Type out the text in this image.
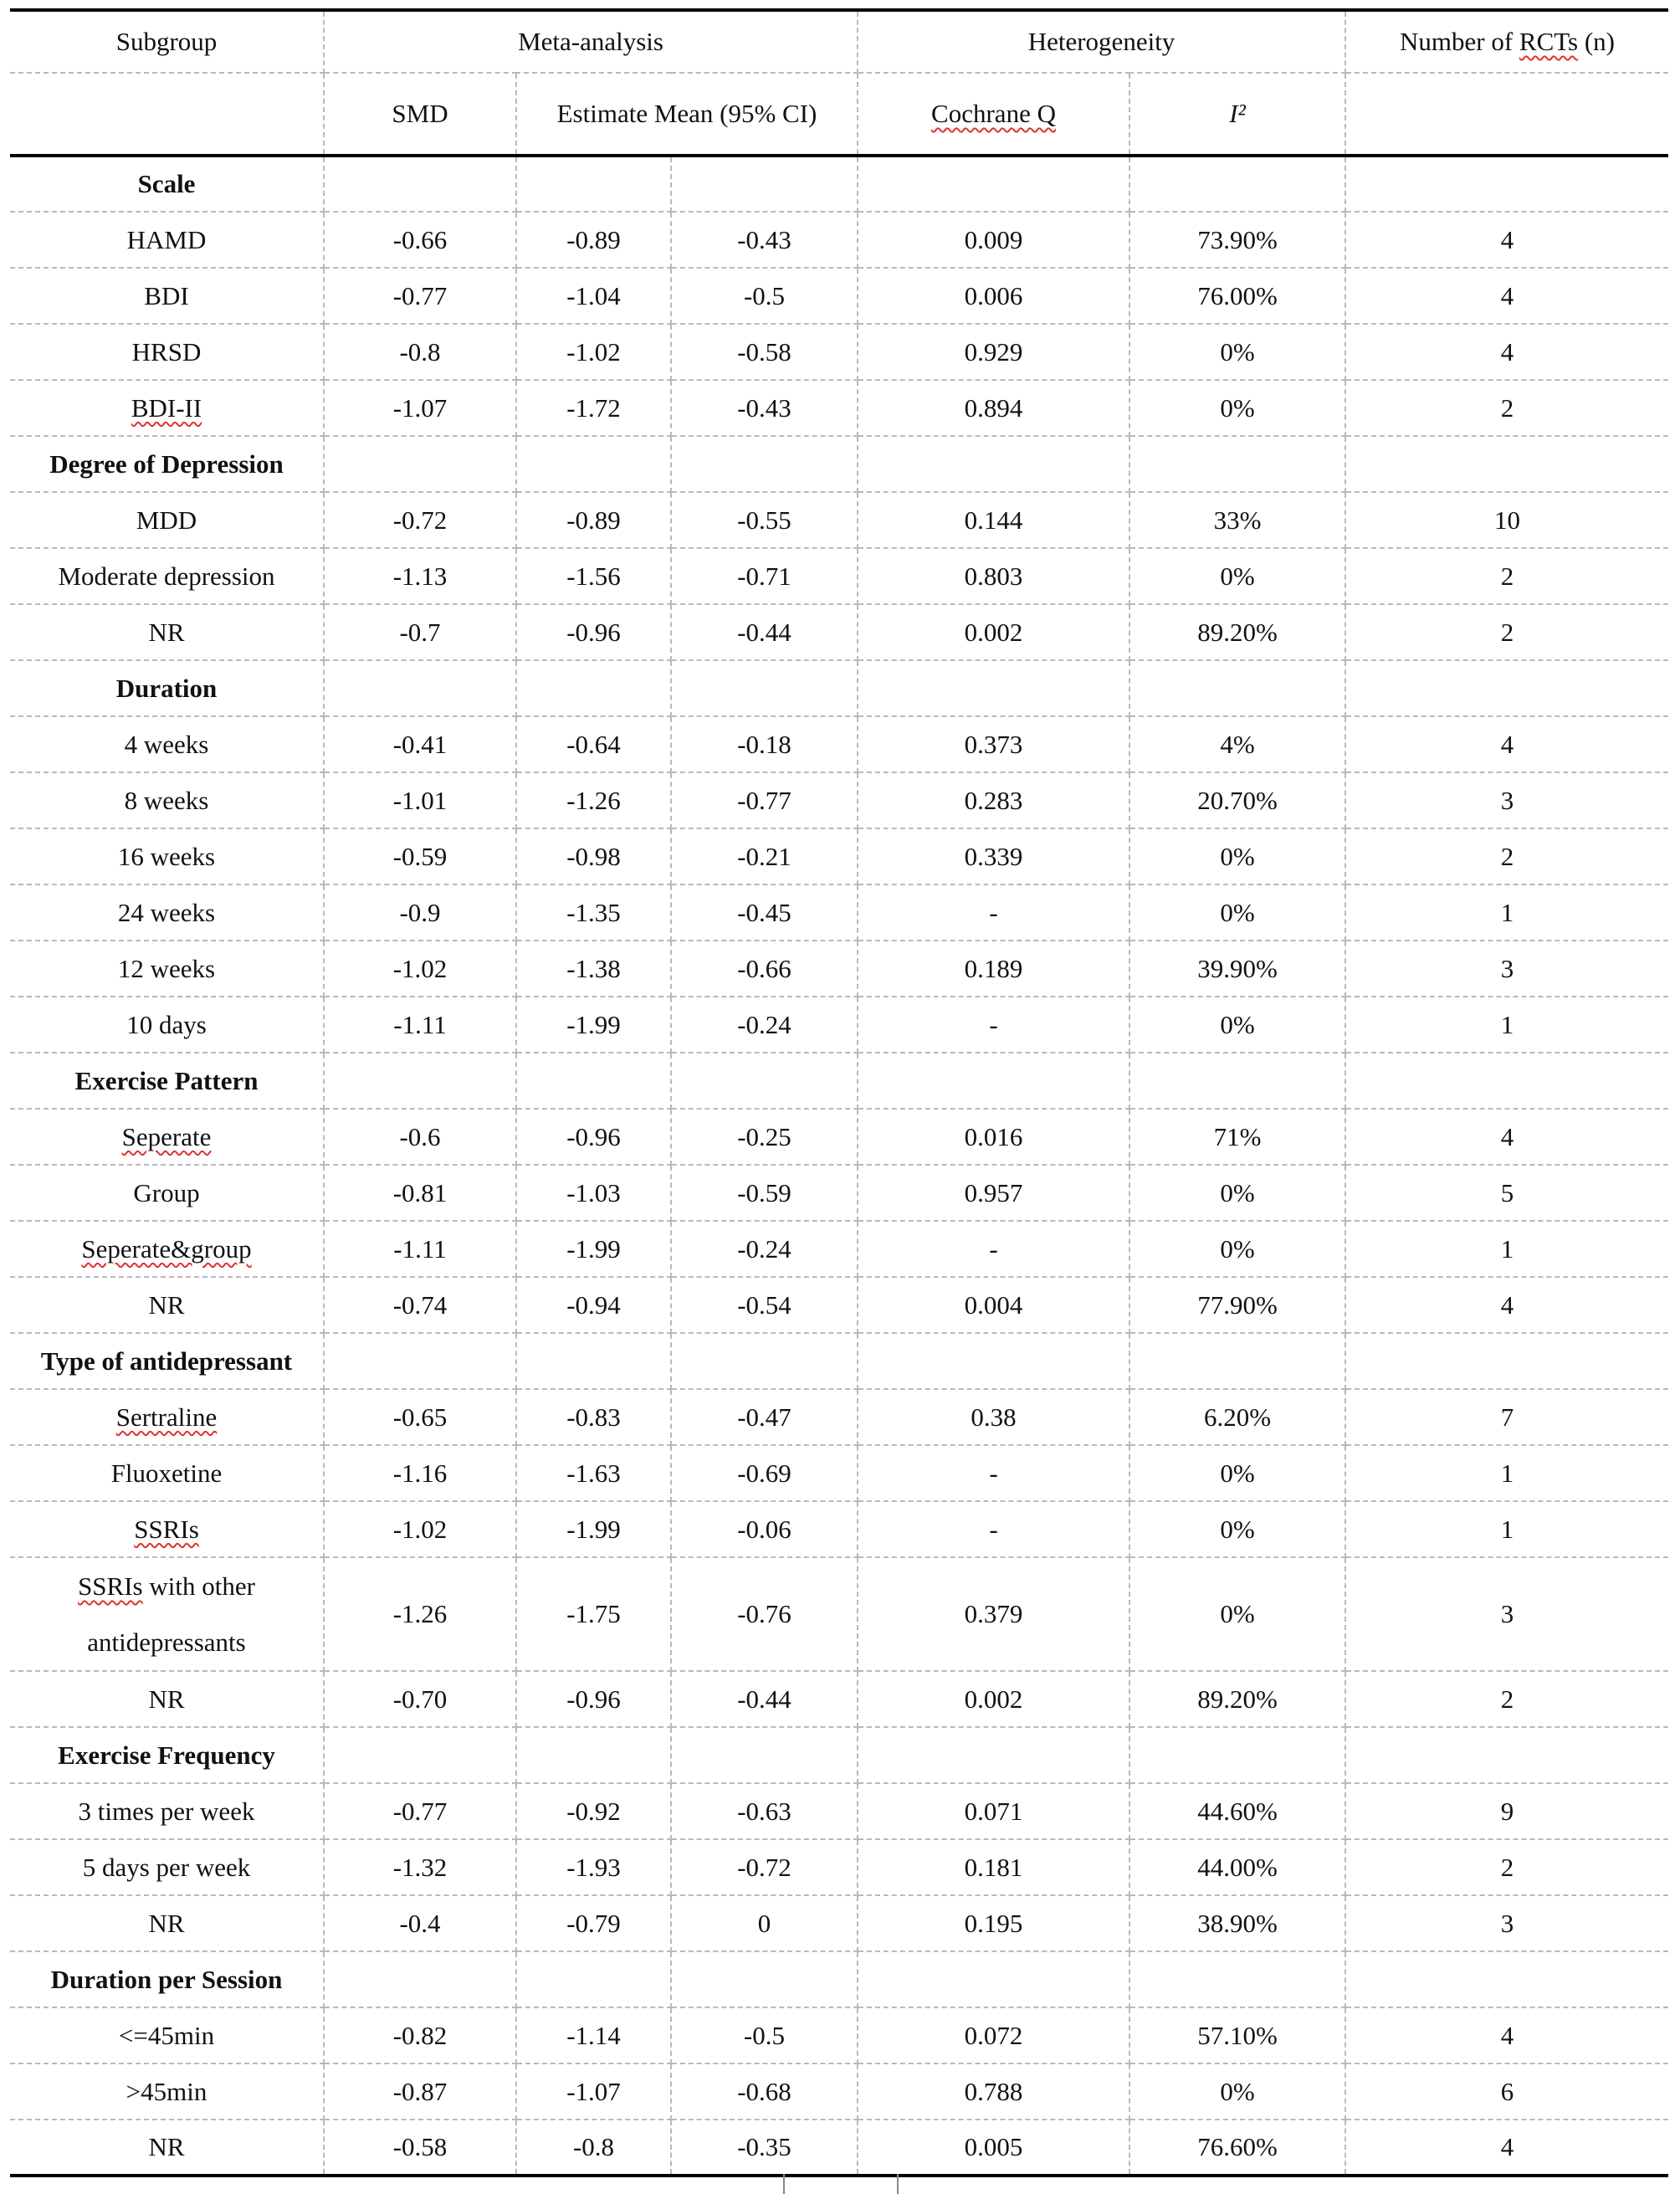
Subgroup	Meta-analysis			Heterogeneity		Number of RCTs (n)
	SMD	Estimate Mean (95% CI)		Cochrane Q	I²	
Scale						
HAMD	-0.66	-0.89	-0.43	0.009	73.90%	4
BDI	-0.77	-1.04	-0.5	0.006	76.00%	4
HRSD	-0.8	-1.02	-0.58	0.929	0%	4
BDI-II	-1.07	-1.72	-0.43	0.894	0%	2
Degree of Depression						
MDD	-0.72	-0.89	-0.55	0.144	33%	10
Moderate depression	-1.13	-1.56	-0.71	0.803	0%	2
NR	-0.7	-0.96	-0.44	0.002	89.20%	2
Duration						
4 weeks	-0.41	-0.64	-0.18	0.373	4%	4
8 weeks	-1.01	-1.26	-0.77	0.283	20.70%	3
16 weeks	-0.59	-0.98	-0.21	0.339	0%	2
24 weeks	-0.9	-1.35	-0.45	-	0%	1
12 weeks	-1.02	-1.38	-0.66	0.189	39.90%	3
10 days	-1.11	-1.99	-0.24	-	0%	1
Exercise Pattern						
Seperate	-0.6	-0.96	-0.25	0.016	71%	4
Group	-0.81	-1.03	-0.59	0.957	0%	5
Seperate&group	-1.11	-1.99	-0.24	-	0%	1
NR	-0.74	-0.94	-0.54	0.004	77.90%	4
Type of antidepressant						
Sertraline	-0.65	-0.83	-0.47	0.38	6.20%	7
Fluoxetine	-1.16	-1.63	-0.69	-	0%	1
SSRIs	-1.02	-1.99	-0.06	-	0%	1
SSRIs with other antidepressants	-1.26	-1.75	-0.76	0.379	0%	3
NR	-0.70	-0.96	-0.44	0.002	89.20%	2
Exercise Frequency						
3 times per week	-0.77	-0.92	-0.63	0.071	44.60%	9
5 days per week	-1.32	-1.93	-0.72	0.181	44.00%	2
NR	-0.4	-0.79	0	0.195	38.90%	3
Duration per Session						
<=45min	-0.82	-1.14	-0.5	0.072	57.10%	4
>45min	-0.87	-1.07	-0.68	0.788	0%	6
NR	-0.58	-0.8	-0.35	0.005	76.60%	4
